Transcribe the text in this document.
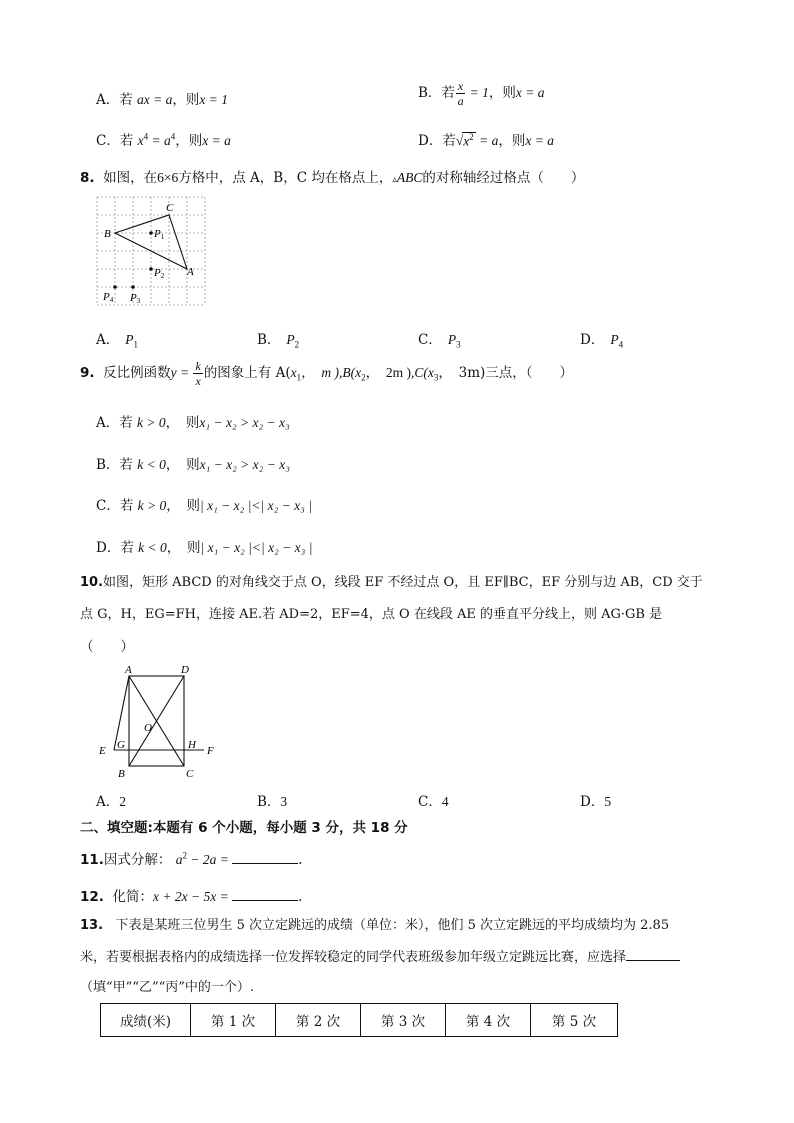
A．若 ax = a，则x = 1	B．若 $\frac{x}{a} = 1$，则x = a
C．若 $x^4 = a^4$，则x = a	D．若$√x^2 = a$，则x = a
8. 如图，在6×6方格中，点 A，B，C 均在格点上，▵ABC的对称轴经过格点（　　）
C
B	P1
A
P2
P4 P3
A． $P_1$	B． $P_2$	C． $P_3$	D． $P_4$
9. 反比例函数$y = \frac{k}{x}$ 的图象上有 $A(x_1$，　m )$,B(x_2$，　2m )$,C(x_3$，　3m)三点，（　　）
A．若 k > 0，　则x₁ − x₂ > x₂ − x₃
B．若 k < 0，　则x₁ − x₂ > x₂ − x₃
C．若 k > 0，　则| x₁ − x₂ |<| x₂ − x₃ |
D．若 k < 0，　则| x₁ − x₂ |<| x₂ − x₃ |
10.如图，矩形 ABCD 的对角线交于点 O，线段 EF 不经过点 O，且 EF∥BC，EF 分别与边 AB，CD 交于
点 G，H，EG=FH，连接 AE.若 AD=2，EF=4，点 O 在线段 AE 的垂直平分线上，则 AG·GB 是
（　　）
A	D
O
E G	H F
B	C
A．2	B．3	C．4	D．5
二、填空题:本题有 6 个小题，每小题 3 分，共 18 分
11.因式分解： $a^2 - 2a$ =	.
12. 化简：x + 2x − 5x =	.
13. 下表是某班三位男生 5 次立定跳远的成绩（单位：米），他们 5 次立定跳远的平均成绩均为 2.85
米，若要根据表格内的成绩选择一位发挥较稳定的同学代表班级参加年级立定跳远比赛，应选择
（填“甲”“乙”“丙”中的一个）.
成绩(米)	第 1 次	第 2 次	第 3 次	第 4 次	第 5 次
